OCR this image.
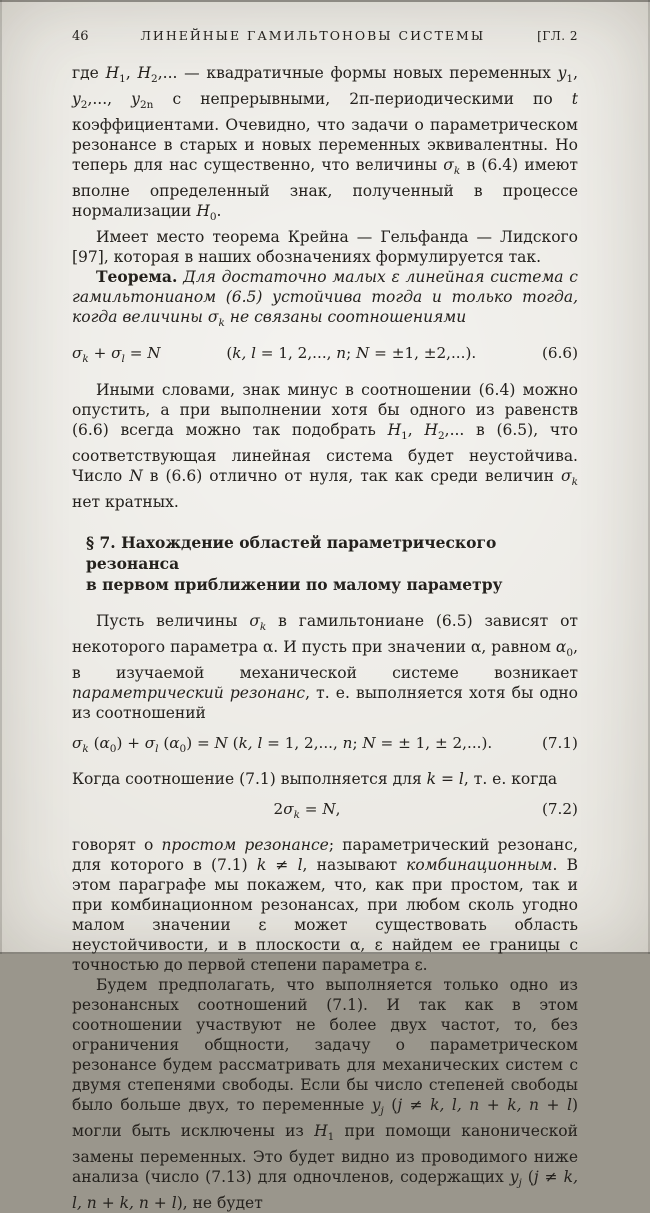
46	ЛИНЕЙНЫЕ ГАМИЛЬТОНОВЫ СИСТЕМЫ	[ГЛ. 2

где $H_1$, $H_2$,... — квадратичные формы новых переменных $y_1$, $y_2$,..., $y_{2n}$ с непрерывными, 2π-периодическими по t коэффициентами. Очевидно, что задачи о параметрическом резонансе в старых и новых переменных эквивалентны. Но теперь для нас существенно, что величины $\sigma_k$ в (6.4) имеют вполне определенный знак, полученный в процессе нормализации $H_0$.

Имеет место теорема Крейна — Гельфанда — Лидского [97], которая в наших обозначениях формулируется так.

Теорема. Для достаточно малых ε линейная система с гамильтонианом (6.5) устойчива тогда и только тогда, когда величины $\sigma_k$ не связаны соотношениями

$\sigma_k + \sigma_l = N$	(k, l = 1, 2,..., n; N = ±1, ±2,...).	(6.6)

Иными словами, знак минус в соотношении (6.4) можно опустить, а при выполнении хотя бы одного из равенств (6.6) всегда можно так подобрать $H_1$, $H_2$,... в (6.5), что соответствующая линейная система будет неустойчива. Число N в (6.6) отлично от нуля, так как среди величин $\sigma_k$ нет кратных.

§ 7. Нахождение областей параметрического резонанса
в первом приближении по малому параметру

Пусть величины $\sigma_k$ в гамильтониане (6.5) зависят от некоторого параметра α. И пусть при значении α, равном $\alpha_0$, в изучаемой механической системе возникает параметрический резонанс, т. е. выполняется хотя бы одно из соотношений

$\sigma_k$ $(\alpha_0) + \sigma_l$ $(\alpha_0) = N$ (k, l = 1, 2,..., n; N = ± 1, ± 2,...).	(7.1)

Когда соотношение (7.1) выполняется для k = l, т. е. когда

$2\sigma_k = N$,	(7.2)

говорят о простом резонансе; параметрический резонанс, для которого в (7.1) k ≠ l, называют комбинационным. В этом параграфе мы покажем, что, как при простом, так и при комбинационном резонансах, при любом сколь угодно малом значении ε может существовать область неустойчивости, и в плоскости α, ε найдем ее границы с точностью до первой степени параметра ε.

Будем предполагать, что выполняется только одно из резонансных соотношений (7.1). И так как в этом соотношении участвуют не более двух частот, то, без ограничения общности, задачу о параметрическом резонансе будем рассматривать для механических систем с двумя степенями свободы. Если бы число степеней свободы было больше двух, то переменные $y_j$ (j ≠ k, l, n + k, n + l) могли быть исключены из $H_1$ при помощи канонической замены переменных. Это будет видно из проводимого ниже анализа (число (7.13) для одночленов, содержащих $y_j$ (j ≠ k, l, n + k, n + l), не будет
